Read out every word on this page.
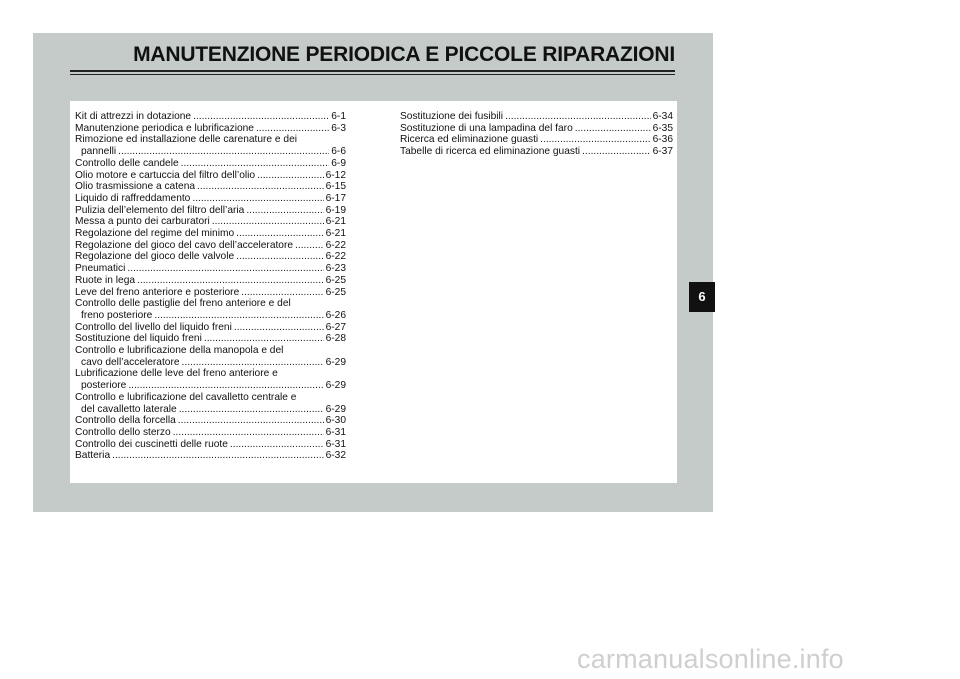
MANUTENZIONE PERIODICA E PICCOLE RIPARAZIONI
Kit di attrezzi in dotazione .....	6-1
Manutenzione periodica e lubrificazione .....	6-3
Rimozione ed installazione delle carenature e dei
pannelli .....	6-6
Controllo delle candele .....	6-9
Olio motore e cartuccia del filtro dell’olio .....	6-12
Olio trasmissione a catena .....	6-15
Liquido di raffreddamento .....	6-17
Pulizia dell’elemento del filtro dell’aria .....	6-19
Messa a punto dei carburatori .....	6-21
Regolazione del regime del minimo .....	6-21
Regolazione del gioco del cavo dell’acceleratore .....	6-22
Regolazione del gioco delle valvole .....	6-22
Pneumatici .....	6-23
Ruote in lega .....	6-25
Leve del freno anteriore e posteriore .....	6-25
Controllo delle pastiglie del freno anteriore e del
freno posteriore .....	6-26
Controllo del livello del liquido freni .....	6-27
Sostituzione del liquido freni .....	6-28
Controllo e lubrificazione della manopola e del
cavo dell’acceleratore .....	6-29
Lubrificazione delle leve del freno anteriore e
posteriore .....	6-29
Controllo e lubrificazione del cavalletto centrale e
del cavalletto laterale .....	6-29
Controllo della forcella .....	6-30
Controllo dello sterzo .....	6-31
Controllo dei cuscinetti delle ruote .....	6-31
Batteria .....	6-32
Sostituzione dei fusibili .....	6-34
Sostituzione di una lampadina del faro .....	6-35
Ricerca ed eliminazione guasti .....	6-36
Tabelle di ricerca ed eliminazione guasti .....	6-37
6
carmanualsonline.info
